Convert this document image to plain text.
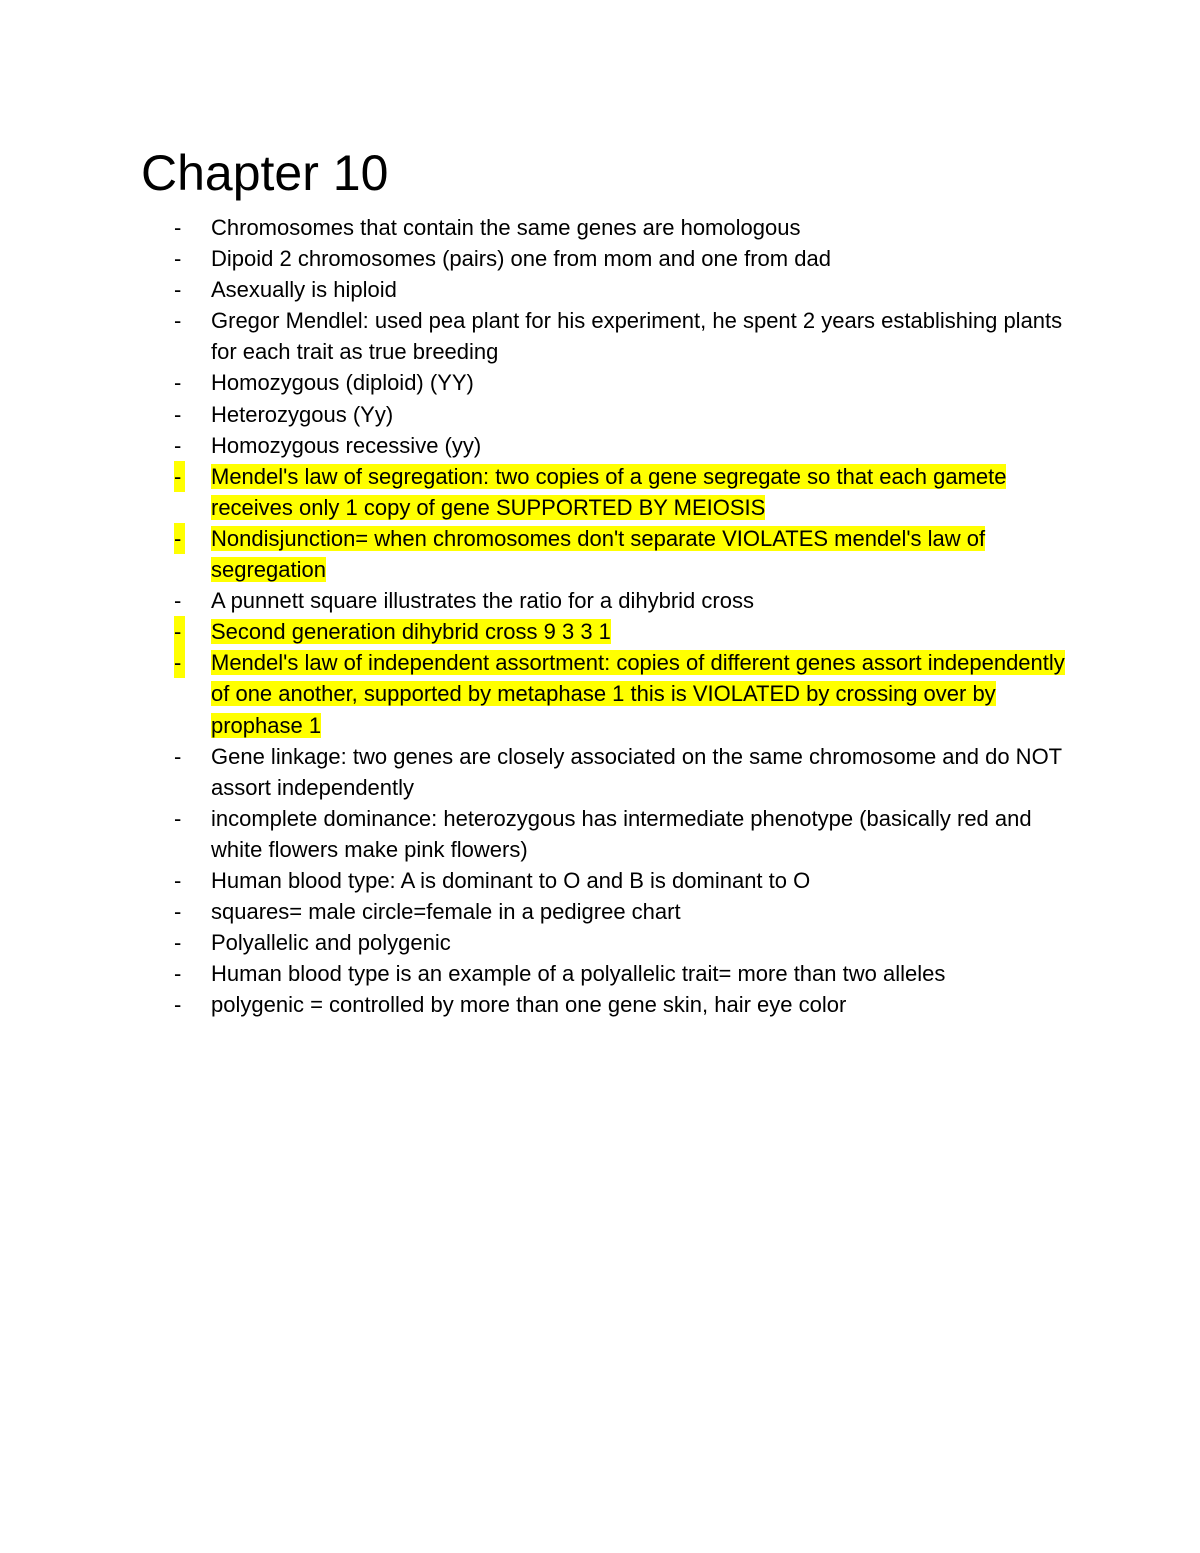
Chapter 10
-	Chromosomes that contain the same genes are homologous
-	Dipoid 2 chromosomes (pairs) one from mom and one from dad
-	Asexually is hiploid
-	Gregor Mendlel: used pea plant for his experiment, he spent 2 years establishing plants for each trait as true breeding
-	Homozygous (diploid) (YY)
-	Heterozygous (Yy)
-	Homozygous recessive (yy)
- Mendel's law of segregation: two copies of a gene segregate so that each gamete receives only 1 copy of gene SUPPORTED BY MEIOSIS
- Nondisjunction= when chromosomes don't separate VIOLATES mendel's law of segregation
-	A punnett square illustrates the ratio for a dihybrid cross
- Second generation dihybrid cross 9 3 3 1
- Mendel's law of independent assortment: copies of different genes assort independently of one another, supported by metaphase 1 this is VIOLATED by crossing over by prophase 1
-	Gene linkage: two genes are closely associated on the same chromosome and do NOT assort independently
-	incomplete dominance: heterozygous has intermediate phenotype (basically red and white flowers make pink flowers)
-	Human blood type: A is dominant to O and B is dominant to O
-	squares= male circle=female in a pedigree chart
-	Polyallelic and polygenic
-	Human blood type is an example of a polyallelic trait= more than two alleles
-	polygenic = controlled by more than one gene skin, hair eye color
